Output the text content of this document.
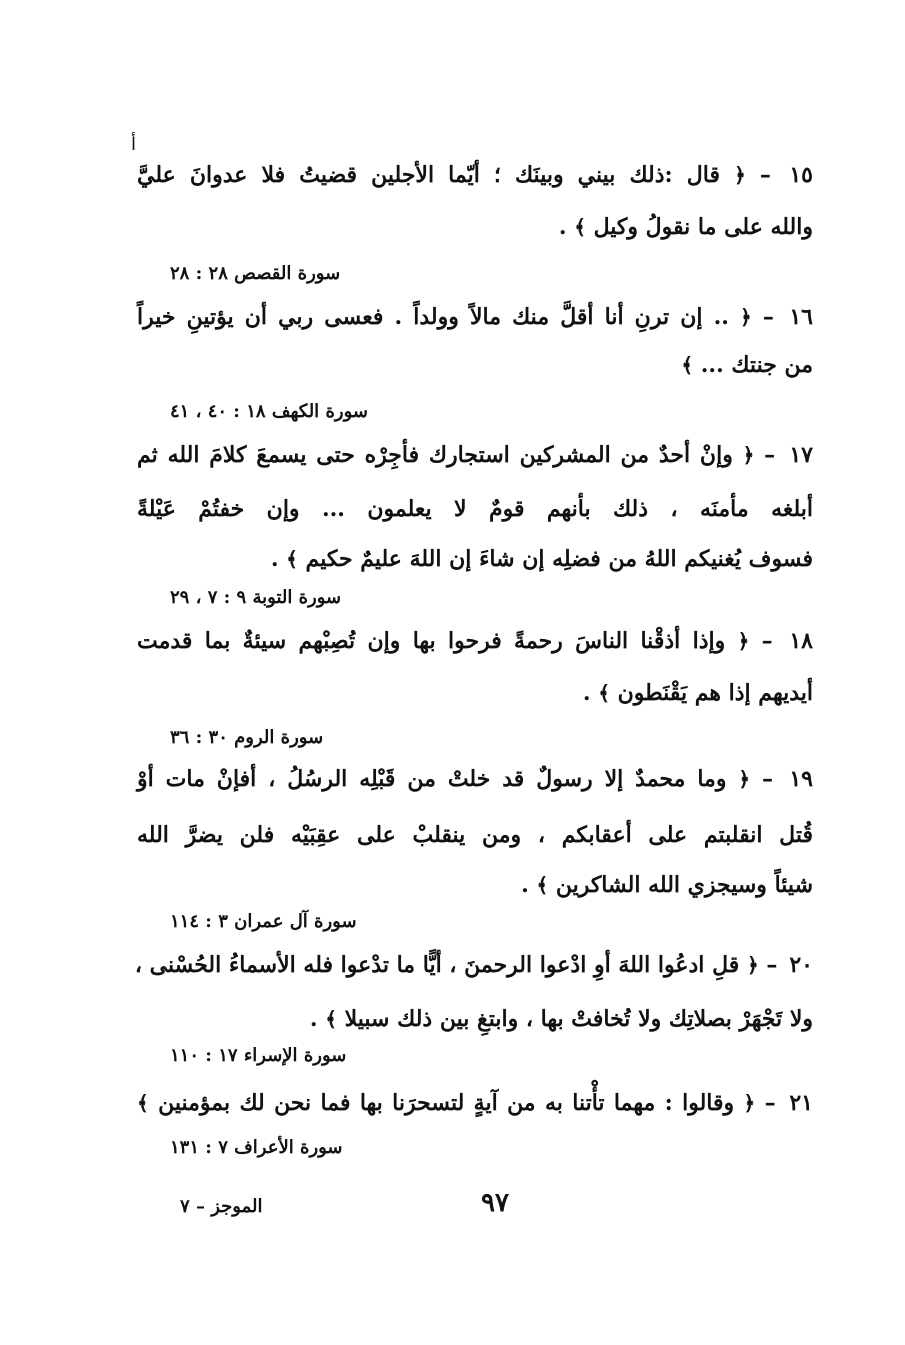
أ
١٥ – ﴿ قال :ذلك بيني وبينَك ؛ أيّما الأجلين قضيتُ فلا عدوانَ عليَّ
والله على ما نقولُ وكيل ﴾ .
سورة القصص ٢٨ : ٢٨
١٦ – ﴿ .. إن ترنِ أنا أقلَّ منك مالاً وولداً . فعسى ربي أن يؤتينِ خيراً
من جنتك ... ﴾
سورة الكهف ١٨ : ٤٠ ، ٤١
١٧ – ﴿ وإنْ أحدٌ من المشركين استجارك فأجِرْه حتى يسمعَ كلامَ الله ثم
أبلغه مأمنَه ، ذلك بأنهم قومٌ لا يعلمون ... وإن خفتُمْ عَيْلةً
فسوف يُغنيكم اللهُ من فضلِه إن شاءَ إن اللهَ عليمٌ حكيم ﴾ .
سورة التوبة ٩ : ٧ ، ٢٩
١٨ – ﴿ وإذا أذقْنا الناسَ رحمةً فرحوا بها وإن تُصِبْهم سيئةٌ بما قدمت
أيديهم إذا هم يَقْنَطون ﴾ .
سورة الروم ٣٠ : ٣٦
١٩ – ﴿ وما محمدٌ إلا رسولٌ قد خلتْ من قَبْلِه الرسُلُ ، أفإنْ مات أوْ
قُتل انقلبتم على أعقابكم ، ومن ينقلبْ على عقِبَيْه فلن يضرَّ الله
شيئاً وسيجزي الله الشاكرين ﴾ .
سورة آل عمران ٣ : ١١٤
٢٠ – ﴿ قلِ ادعُوا اللهَ أوِ ادْعوا الرحمنَ ، أيًّا ما تدْعوا فله الأسماءُ الحُسْنى ،
ولا تَجْهَرْ بصلاتِك ولا تُخافتْ بها ، وابتغِ بين ذلك سبيلا ﴾ .
سورة الإسراء ١٧ : ١١٠
٢١ – ﴿ وقالوا : مهما تأْتنا به من آيةٍ لتسحرَنا بها فما نحن لك بمؤمنين ﴾
سورة الأعراف ٧ : ١٣١
٩٧
الموجز – ٧
